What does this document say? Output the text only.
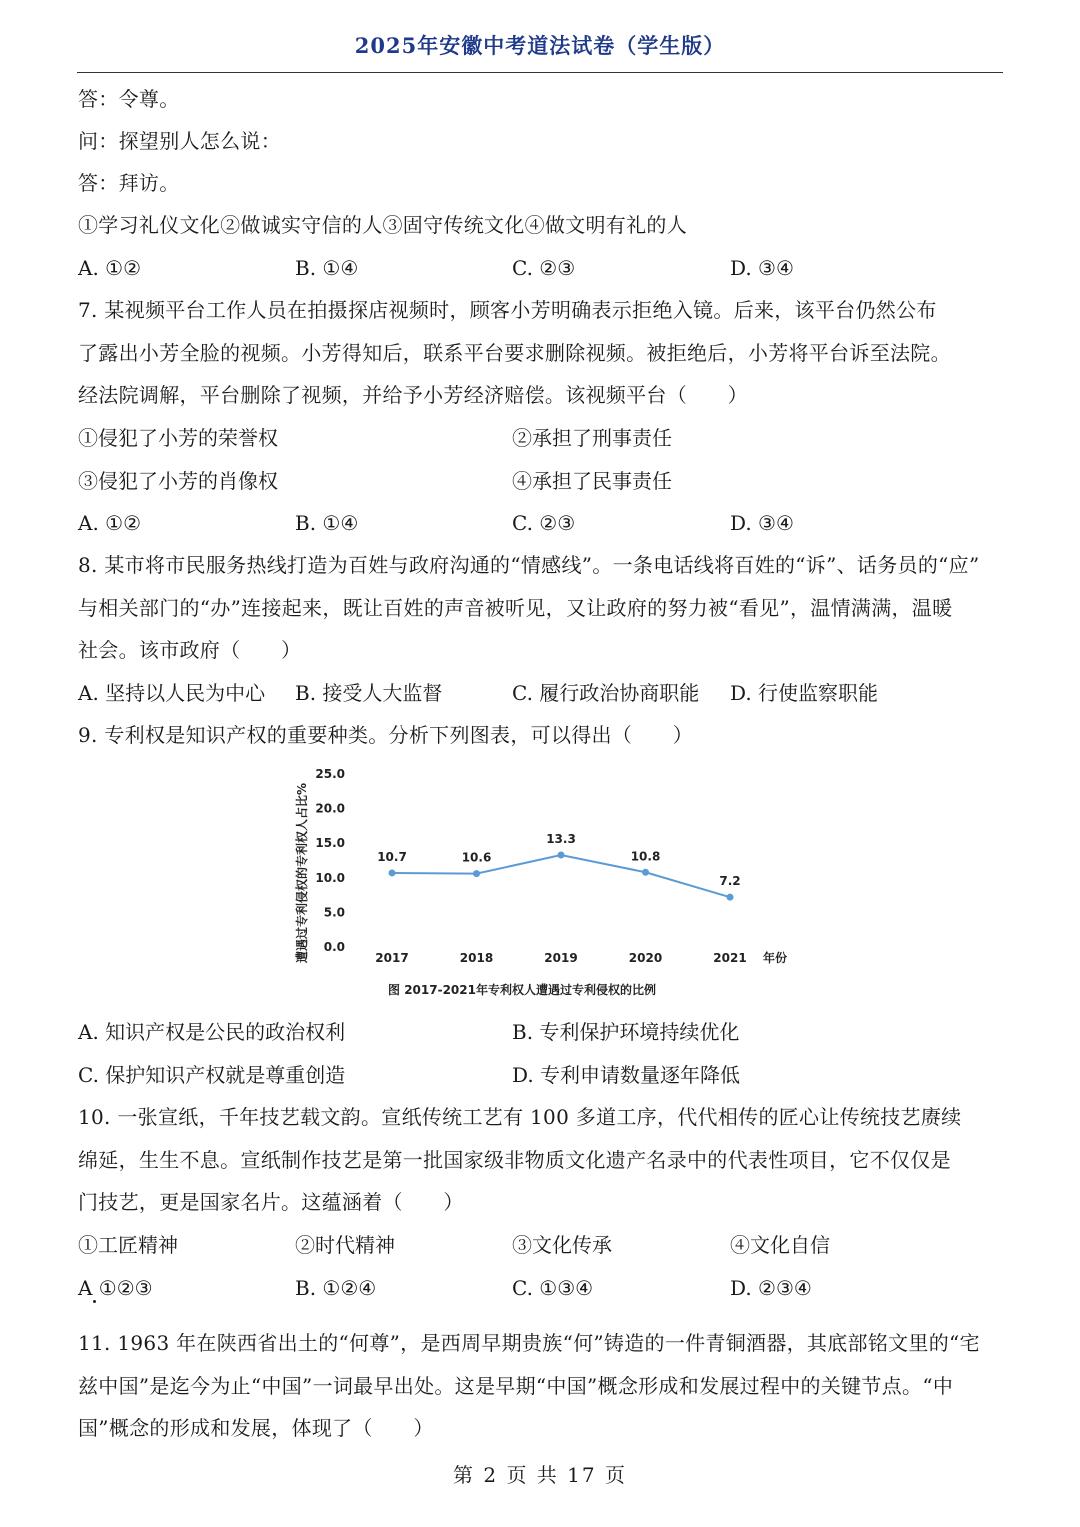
2025年安徽中考道法试卷（学生版）
答：令尊。
问：探望别人怎么说：
答：拜访。
①学习礼仪文化②做诚实守信的人③固守传统文化④做文明有礼的人
A. ①②	B. ①④	C. ②③	D. ③④
7. 某视频平台工作人员在拍摄探店视频时，顾客小芳明确表示拒绝入镜。后来，该平台仍然公布
了露出小芳全脸的视频。小芳得知后，联系平台要求删除视频。被拒绝后，小芳将平台诉至法院。
经法院调解，平台删除了视频，并给予小芳经济赔偿。该视频平台（　　）
①侵犯了小芳的荣誉权	②承担了刑事责任
③侵犯了小芳的肖像权	④承担了民事责任
A. ①②	B. ①④	C. ②③	D. ③④
8. 某市将市民服务热线打造为百姓与政府沟通的“情感线”。一条电话线将百姓的“诉”、话务员的“应”
与相关部门的“办”连接起来，既让百姓的声音被听见，又让政府的努力被“看见”，温情满满，温暖
社会。该市政府（　　）
A. 坚持以人民为中心 B. 接受人大监督	C. 履行政治协商职能 D. 行使监察职能
9. 专利权是知识产权的重要种类。分析下列图表，可以得出（　　）
遭遇过专利侵权的专利权人占比% 0.0
5.0
10.0
15.0
20.0
25.0
10.7
2017
10.6
2018
13.3
2019
10.8
2020
7.2
2021 年份
图 2017-2021年专利权人遭遇过专利侵权的比例
A. 知识产权是公民的政治权利	B. 专利保护环境持续优化
C. 保护知识产权就是尊重创造	D. 专利申请数量逐年降低
10. 一张宣纸，千年技艺载文韵。宣纸传统工艺有 100 多道工序，代代相传的匠心让传统技艺赓续
绵延，生生不息。宣纸制作技艺是第一批国家级非物质文化遗产名录中的代表性项目，它不仅仅是
门技艺，更是国家名片。这蕴涵着（　　）
①工匠精神	②时代精神	③文化传承	④文化自信
A ①②③	B. ①②④	C. ①③④	D. ②③④
11. 1963 年在陕西省出土的“何尊”，是西周早期贵族“何”铸造的一件青铜酒器，其底部铭文里的“宅
兹中国”是迄今为止“中国”一词最早出处。这是早期“中国”概念形成和发展过程中的关键节点。“中
国”概念的形成和发展，体现了（　　）
第 2 页 共 17 页
